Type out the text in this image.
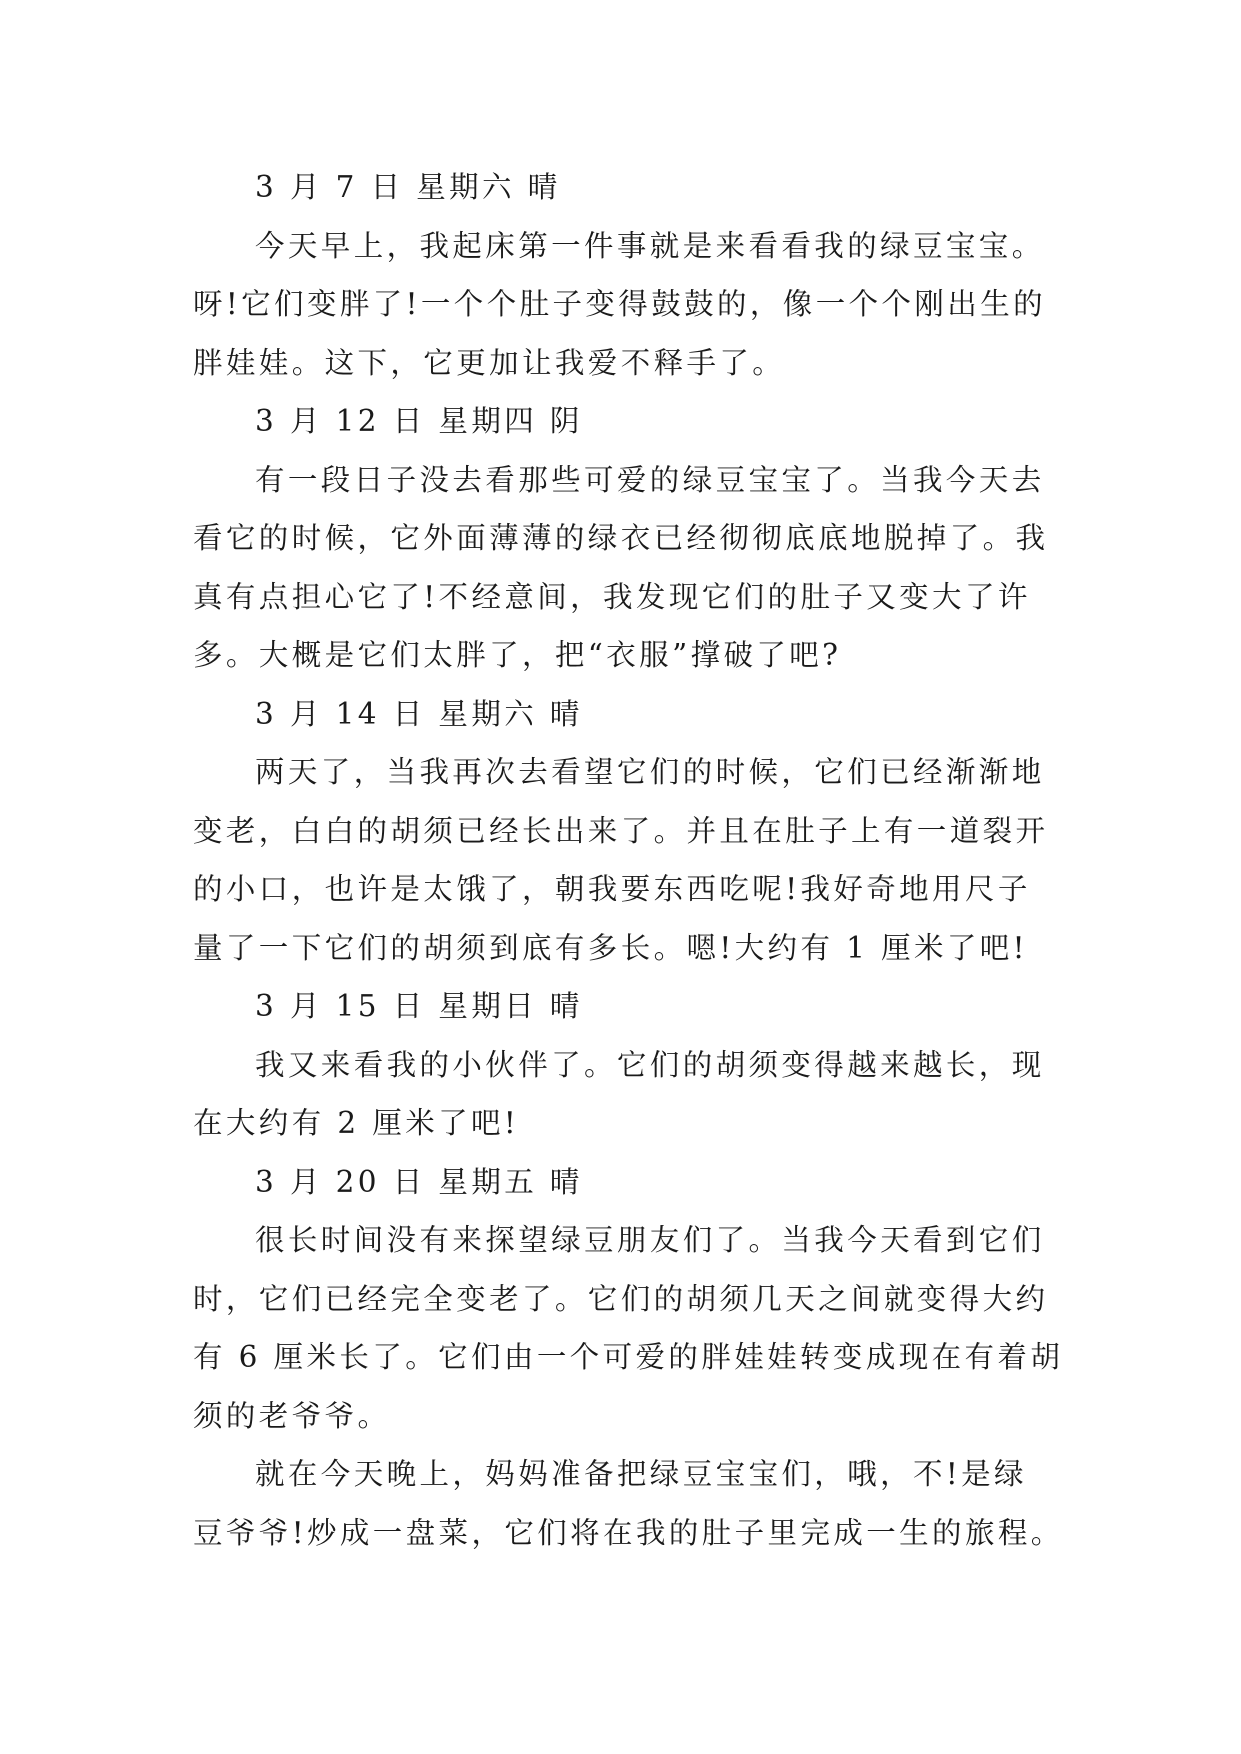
3 月 7 日 星期六 晴
今天早上，我起床第一件事就是来看看我的绿豆宝宝。
呀!它们变胖了!一个个肚子变得鼓鼓的，像一个个刚出生的
胖娃娃。这下，它更加让我爱不释手了。
3 月 12 日 星期四 阴
有一段日子没去看那些可爱的绿豆宝宝了。当我今天去
看它的时候，它外面薄薄的绿衣已经彻彻底底地脱掉了。我
真有点担心它了!不经意间，我发现它们的肚子又变大了许
多。大概是它们太胖了，把“衣服”撑破了吧?
3 月 14 日 星期六 晴
两天了，当我再次去看望它们的时候，它们已经渐渐地
变老，白白的胡须已经长出来了。并且在肚子上有一道裂开
的小口，也许是太饿了，朝我要东西吃呢!我好奇地用尺子
量了一下它们的胡须到底有多长。嗯!大约有 1 厘米了吧!
3 月 15 日 星期日 晴
我又来看我的小伙伴了。它们的胡须变得越来越长，现
在大约有 2 厘米了吧!
3 月 20 日 星期五 晴
很长时间没有来探望绿豆朋友们了。当我今天看到它们
时，它们已经完全变老了。它们的胡须几天之间就变得大约
有 6 厘米长了。它们由一个可爱的胖娃娃转变成现在有着胡
须的老爷爷。
就在今天晚上，妈妈准备把绿豆宝宝们，哦，不!是绿
豆爷爷!炒成一盘菜，它们将在我的肚子里完成一生的旅程。
